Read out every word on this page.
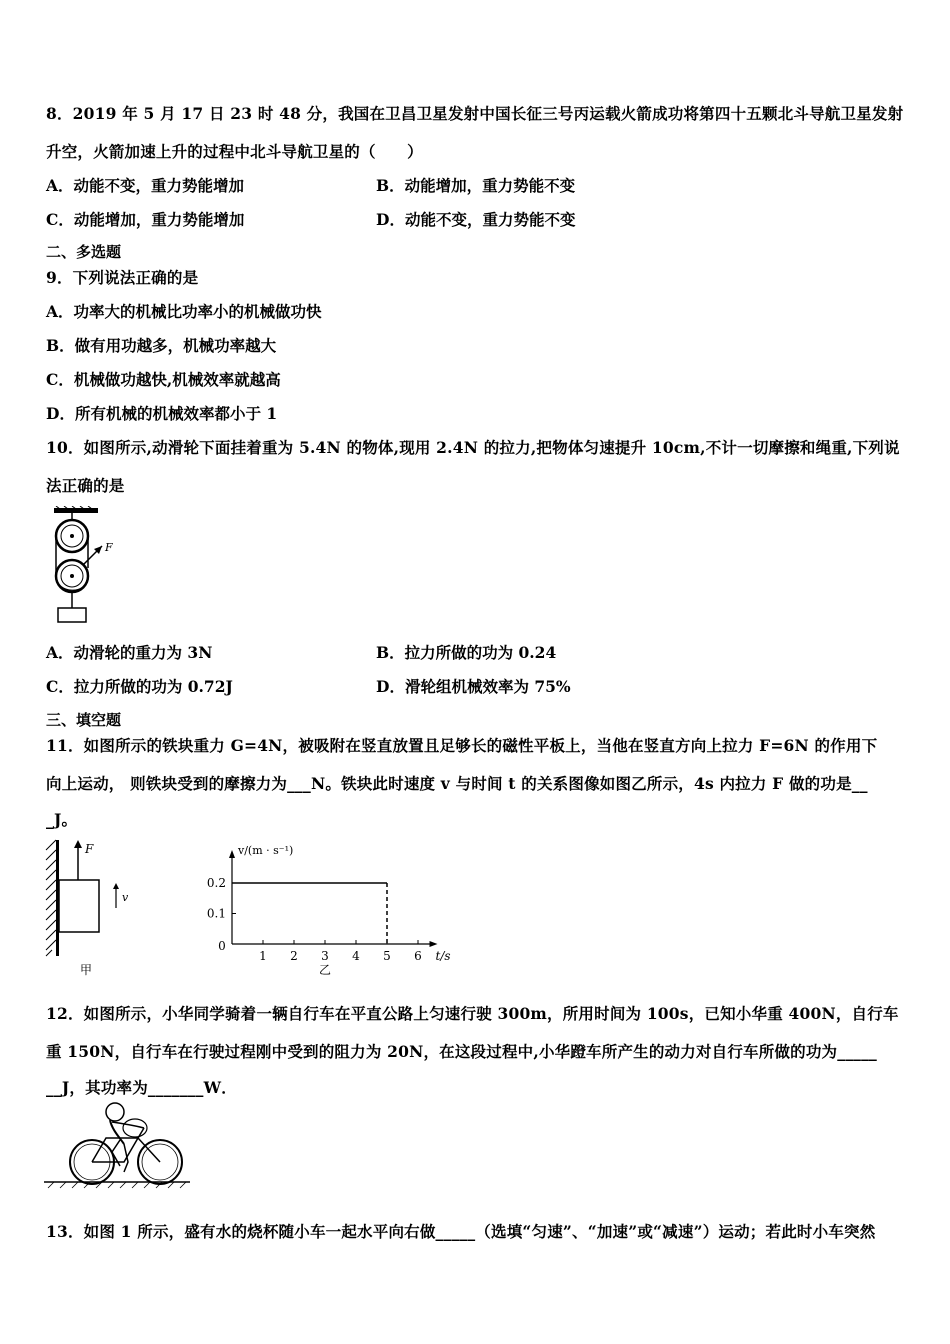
8．2019 年 5 月 17 日 23 时 48 分，我国在卫昌卫星发射中国长征三号丙运载火箭成功将第四十五颗北斗导航卫星发射
升空，火箭加速上升的过程中北斗导航卫星的（　　）
A．动能不变，重力势能增加	B．动能增加，重力势能不变
C．动能增加，重力势能增加	D．动能不变，重力势能不变
二、多选题
9．下列说法正确的是
A．功率大的机械比功率小的机械做功快
B．做有用功越多，机械功率越大
C．机械做功越快,机械效率就越高
D．所有机械的机械效率都小于 1
10．如图所示,动滑轮下面挂着重为 5.4N 的物体,现用 2.4N 的拉力,把物体匀速提升 10cm,不计一切摩擦和绳重,下列说
法正确的是
F
A．动滑轮的重力为 3N	B．拉力所做的功为 0.24
C．拉力所做的功为 0.72J	D．滑轮组机械效率为 75%
三、填空题
11．如图所示的铁块重力 G=4N，被吸附在竖直放置且足够长的磁性平板上，当他在竖直方向上拉力 F=6N 的作用下
向上运动， 则铁块受到的摩擦力为___N。铁块此时速度 v 与时间 t 的关系图像如图乙所示，4s 内拉力 F 做的功是__
_J。
F
v
甲
v/(m · s⁻¹)
t/s
0
1 2 3 4 5 6
0.1
0.2
乙
12．如图所示，小华同学骑着一辆自行车在平直公路上匀速行驶 300m，所用时间为 100s，已知小华重 400N，自行车
重 150N，自行车在行驶过程刚中受到的阻力为 20N，在这段过程中,小华蹬车所产生的动力对自行车所做的功为_____
__J，其功率为_______W．
13．如图 1 所示，盛有水的烧杯随小车一起水平向右做_____（选填“匀速”、“加速”或“减速”）运动；若此时小车突然
